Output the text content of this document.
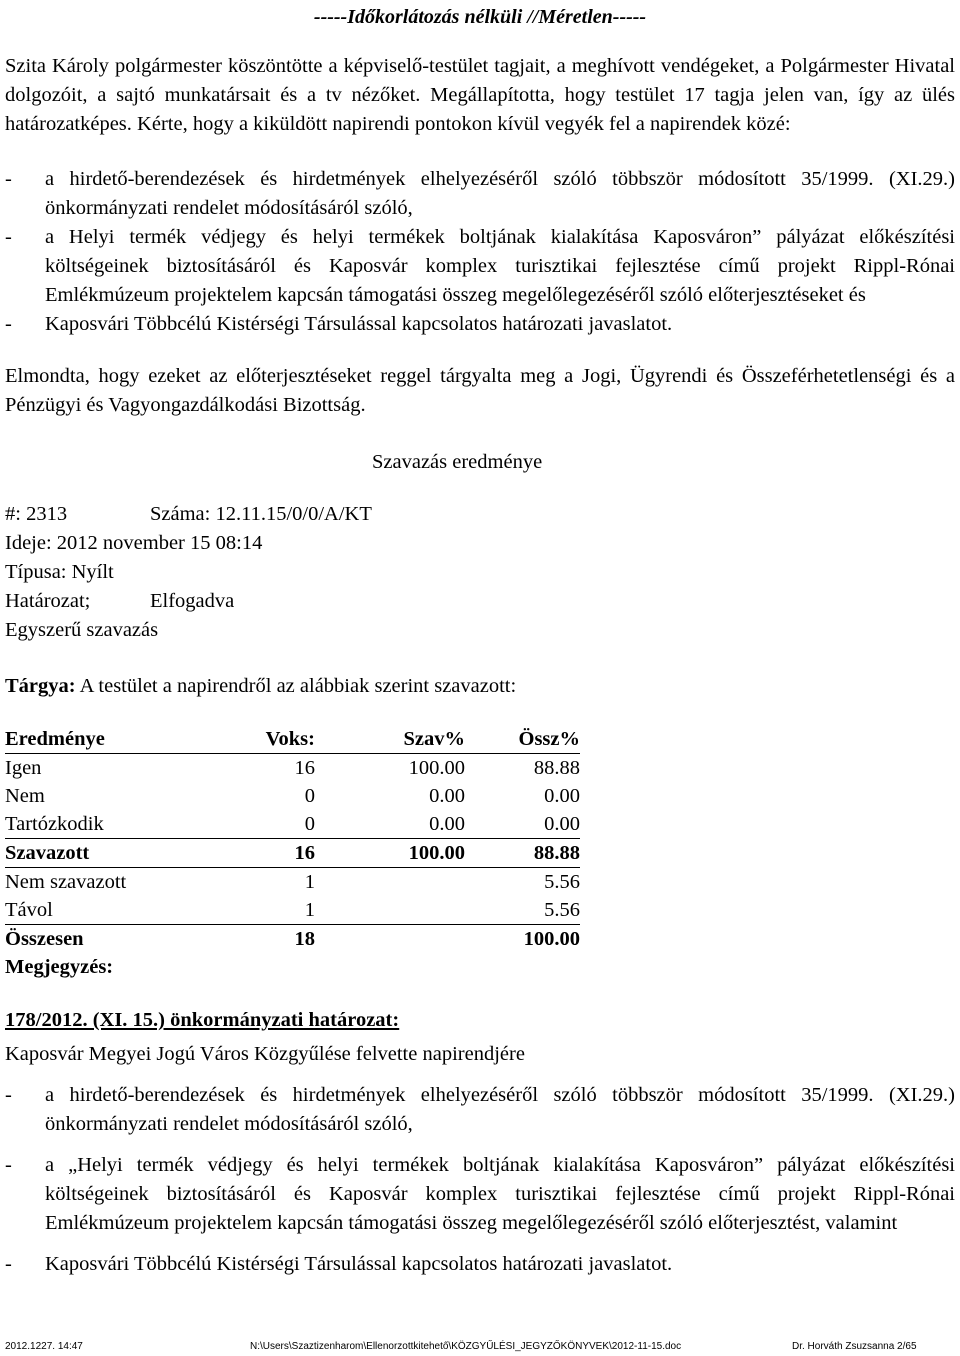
-----Időkorlátozás nélküli //Méretlen-----
Szita Károly polgármester köszöntötte a képviselő-testület tagjait, a meghívott vendégeket, a Polgármester Hivatal dolgozóit, a sajtó munkatársait és a tv nézőket. Megállapította, hogy testület 17 tagja jelen van, így az ülés határozatképes. Kérte, hogy a kiküldött napirendi pontokon kívül vegyék fel a napirendek közé:
-	a hirdető-berendezések és hirdetmények elhelyezéséről szóló többször módosított 35/1999. (XI.29.) önkormányzati rendelet módosításáról szóló,
-	a Helyi termék védjegy és helyi termékek boltjának kialakítása Kaposváron” pályázat előkészítési költségeinek biztosításáról és Kaposvár komplex turisztikai fejlesztése című projekt Rippl-Rónai Emlékmúzeum projektelem kapcsán támogatási összeg megelőlegezéséről szóló előterjesztéseket és
-	Kaposvári Többcélú Kistérségi Társulással kapcsolatos határozati javaslatot.
Elmondta, hogy ezeket az előterjesztéseket reggel tárgyalta meg a Jogi, Ügyrendi és Összeférhetetlenségi és a Pénzügyi és Vagyongazdálkodási Bizottság.
Szavazás eredménye
#: 2313	Száma: 12.11.15/0/0/A/KT
Ideje: 2012 november 15 08:14
Típusa: Nyílt
Határozat;	Elfogadva
Egyszerű szavazás
Tárgya: A testület a napirendről az alábbiak szerint szavazott:
Eredménye	Voks:	Szav%	Össz%
Igen	16	100.00	88.88
Nem	0	0.00	0.00
Tartózkodik	0	0.00	0.00
Szavazott	16	100.00	88.88
Nem szavazott	1		5.56
Távol	1		5.56
Összesen	18		100.00
Megjegyzés:			
178/2012. (XI. 15.) önkormányzati határozat:
Kaposvár Megyei Jogú Város Közgyűlése felvette napirendjére
-	a hirdető-berendezések és hirdetmények elhelyezéséről szóló többször módosított 35/1999. (XI.29.) önkormányzati rendelet módosításáról szóló,
-	a „Helyi termék védjegy és helyi termékek boltjának kialakítása Kaposváron” pályázat előkészítési költségeinek biztosításáról és Kaposvár komplex turisztikai fejlesztése című projekt Rippl-Rónai Emlékmúzeum projektelem kapcsán támogatási összeg megelőlegezéséről szóló előterjesztést, valamint
-	Kaposvári Többcélú Kistérségi Társulással kapcsolatos határozati javaslatot.
2012.1227. 14:47	N:\Users\Szaztizenharom\Ellenorzottkitehető\KÖZGYŰLÉSI_JEGYZŐKÖNYVEK\2012-11-15.doc	Dr. Horváth Zsuzsanna 2/65
